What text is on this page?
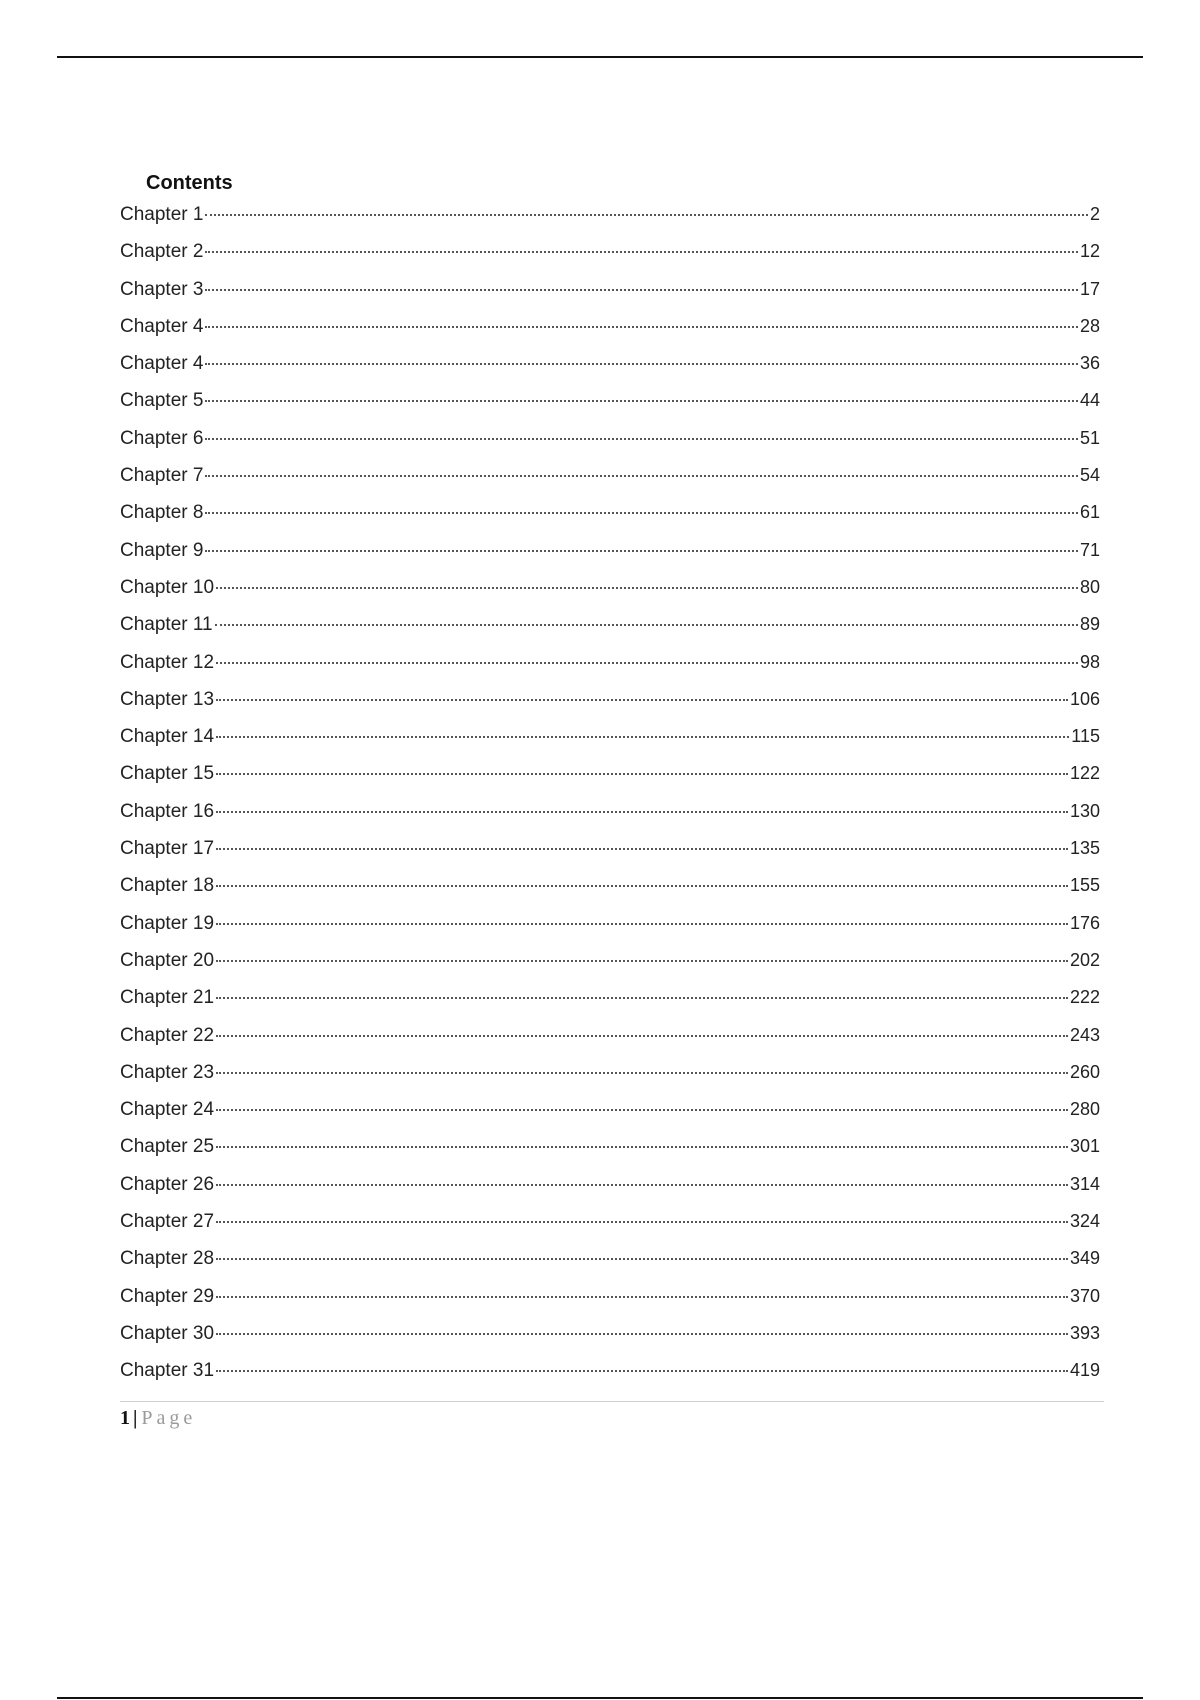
Contents
Chapter 1	2
Chapter 2	12
Chapter 3	17
Chapter 4	28
Chapter 4	36
Chapter 5	44
Chapter 6	51
Chapter 7	54
Chapter 8	61
Chapter 9	71
Chapter 10	80
Chapter 11	89
Chapter 12	98
Chapter 13	106
Chapter 14	115
Chapter 15	122
Chapter 16	130
Chapter 17	135
Chapter 18	155
Chapter 19	176
Chapter 20	202
Chapter 21	222
Chapter 22	243
Chapter 23	260
Chapter 24	280
Chapter 25	301
Chapter 26	314
Chapter 27	324
Chapter 28	349
Chapter 29	370
Chapter 30	393
Chapter 31	419
1 | Page
